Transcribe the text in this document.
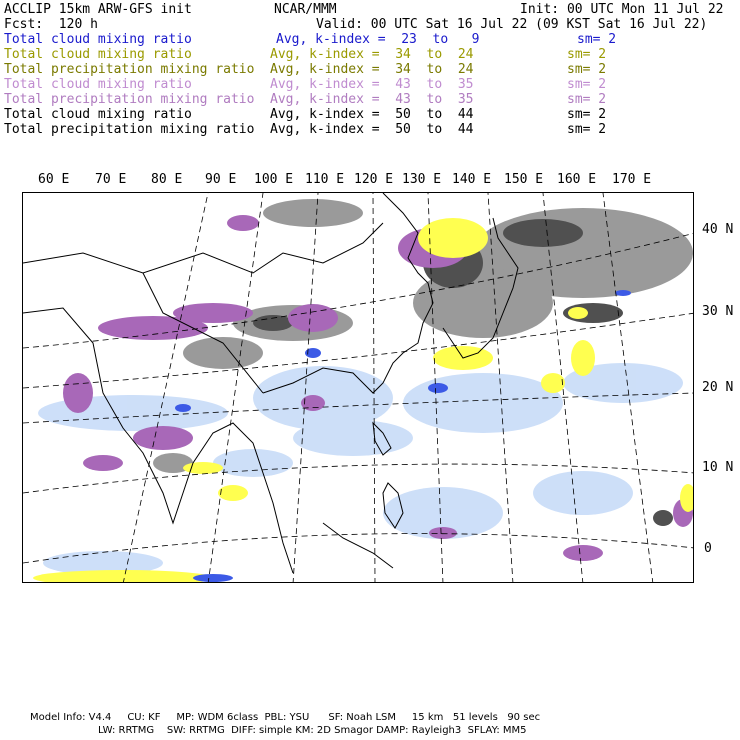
ACCLIP 15km ARW-GFS init	NCAR/MMM	Init: 00 UTC Mon 11 Jul 22
Fcst:  120 h	Valid: 00 UTC Sat 16 Jul 22 (09 KST Sat 16 Jul 22)
Total cloud mixing ratio	Avg, k-index =  23  to   9	sm= 2
Total cloud mixing ratio	Avg, k-index =  34  to  24	sm= 2
Total precipitation mixing ratio Avg, k-index =  34  to  24	sm= 2
Total cloud mixing ratio	Avg, k-index =  43  to  35	sm= 2
Total precipitation mixing ratio Avg, k-index =  43  to  35	sm= 2
Total cloud mixing ratio	Avg, k-index =  50  to  44	sm= 2
Total precipitation mixing ratio Avg, k-index =  50  to  44	sm= 2
60 E 70 E 80 E 90 E 100 E 110 E 120 E 130 E 140 E 150 E 160 E 170 E
40 N
30 N
20 N
10 N
0
Model Info: V4.4     CU: KF     MP: WDM 6class  PBL: YSU      SF: Noah LSM     15 km   51 levels   90 sec
LW: RRTMG    SW: RRTMG  DIFF: simple KM: 2D Smagor DAMP: Rayleigh3  SFLAY: MM5
